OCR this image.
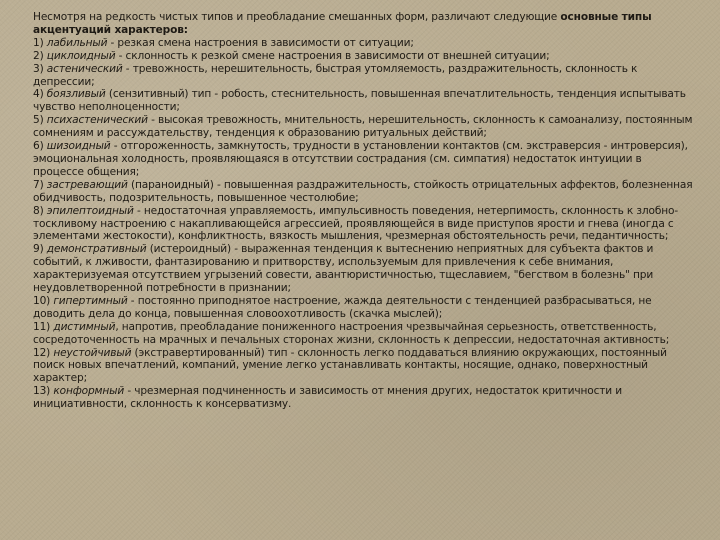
Несмотря на редкость чистых типов и преобладание смешанных форм, различают следующие основные типы
акцентуаций характеров:

1) лабильный - резкая смена настроения в зависимости от ситуации;

2) циклоидный - склонность к резкой смене настроения в зависимости от внешней ситуации;

3) астенический - тревожность, нерешительность, быстрая утомляемость, раздражительность, склонность к депрессии;

4) боязливый (сензитивный) тип - робость, стеснительность, повышенная впечатлительность, тенденция испытывать чувство неполноценности;

5) психастенический - высокая тревожность, мнительность, нерешительность, склонность к самоанализу, постоянным сомнениям и рассуждательству, тенденция к образованию ритуальных действий;

6) шизоидный - отгороженность, замкнутость, трудности в установлении контактов (см. экстраверсия - интроверсия), эмоциональная холодность, проявляющаяся в отсутствии сострадания (см. симпатия) недостаток интуиции в процессе общения;

7) застревающий (параноидный) - повышенная раздражительность, стойкость отрицательных аффектов, болезненная обидчивость, подозрительность, повышенное честолюбие;

8) эпилептоидный - недостаточная управляемость, импульсивность поведения, нетерпимость, склонность к злобно-тоскливому настроению с накапливающейся агрессией, проявляющейся в виде приступов ярости и гнева (иногда с элементами жестокости), конфликтность, вязкость мышления, чрезмерная обстоятельность речи, педантичность;

9) демонстративный (истероидный) - выраженная тенденция к вытеснению неприятных для субъекта фактов и событий, к лживости, фантазированию и притворству, используемым для привлечения к себе внимания, характеризуемая отсутствием угрызений совести, авантюристичностью, тщеславием, "бегством в болезнь" при неудовлетворенной потребности в признании;

10) гипертимный - постоянно приподнятое настроение, жажда деятельности с тенденцией разбрасываться, не доводить дела до конца, повышенная словоохотливость (скачка мыслей);

11) дистимный, напротив, преобладание пониженного настроения чрезвычайная серьезность, ответственность, сосредоточенность на мрачных и печальных сторонах жизни, склонность к депрессии, недостаточная активность;

12) неустойчивый (экстравертированный) тип - склонность легко поддаваться влиянию окружающих, постоянный поиск новых впечатлений, компаний, умение легко устанавливать контакты, носящие, однако, поверхностный характер;

13) конформный - чрезмерная подчиненность и зависимость от мнения других, недостаток критичности и инициативности, склонность к консерватизму.
